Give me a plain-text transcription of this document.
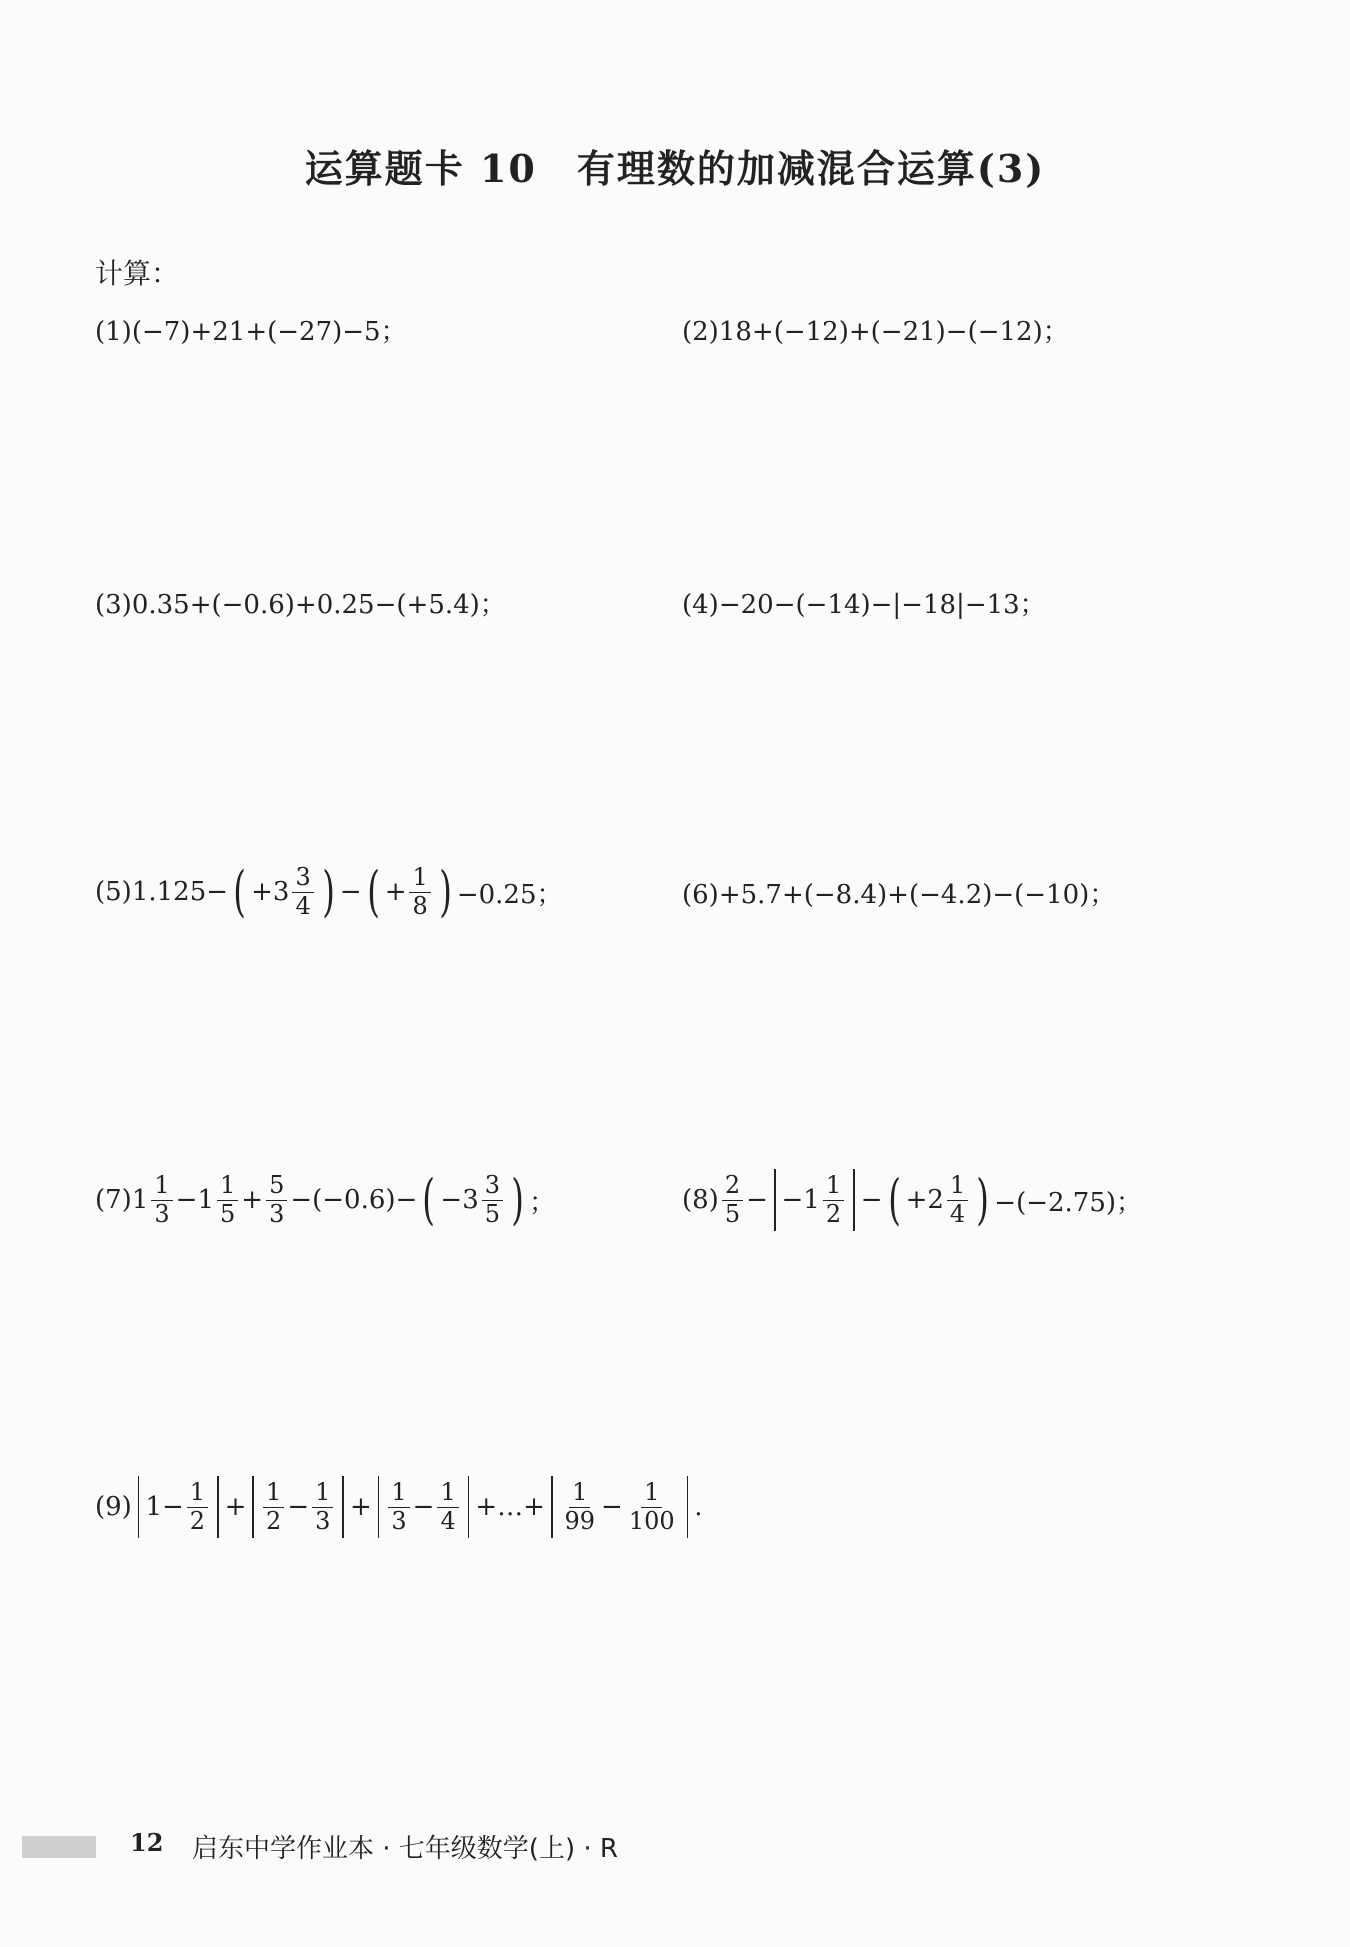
运算题卡 10 有理数的加减混合运算(3)
计算：
(1)(−7)+21+(−27)−5；	(2)18+(−12)+(−21)−(−12)；
(3)0.35+(−0.6)+0.25−(+5.4)；	(4)−20−(−14)−|−18|−13；
(5)1.125− ( $+3 \frac{3}{4}$ ) − ( + $\frac{1}{8}$ ) −0.25；	(6)+5.7+(−8.4)+(−4.2)−(−10)；
$(7)1 \frac{1}{3} -1 \frac{1}{5} + \frac{5}{3} -(-0.6)-$ ( $-3 \frac{3}{5}$ ) ；	$(8) \frac{2}{5} - -1 \frac{1}{2}$ − ( $+2 \frac{1}{4}$ ) −(−2.75)；
(9) $1- \frac{1}{2} + \frac{1}{2} - \frac{1}{3} + \frac{1}{3} - \frac{1}{4}$ +…+ $\frac{1}{99} - \frac{1}{100}$ .
12 启东中学作业本 · 七年级数学(上) · R
